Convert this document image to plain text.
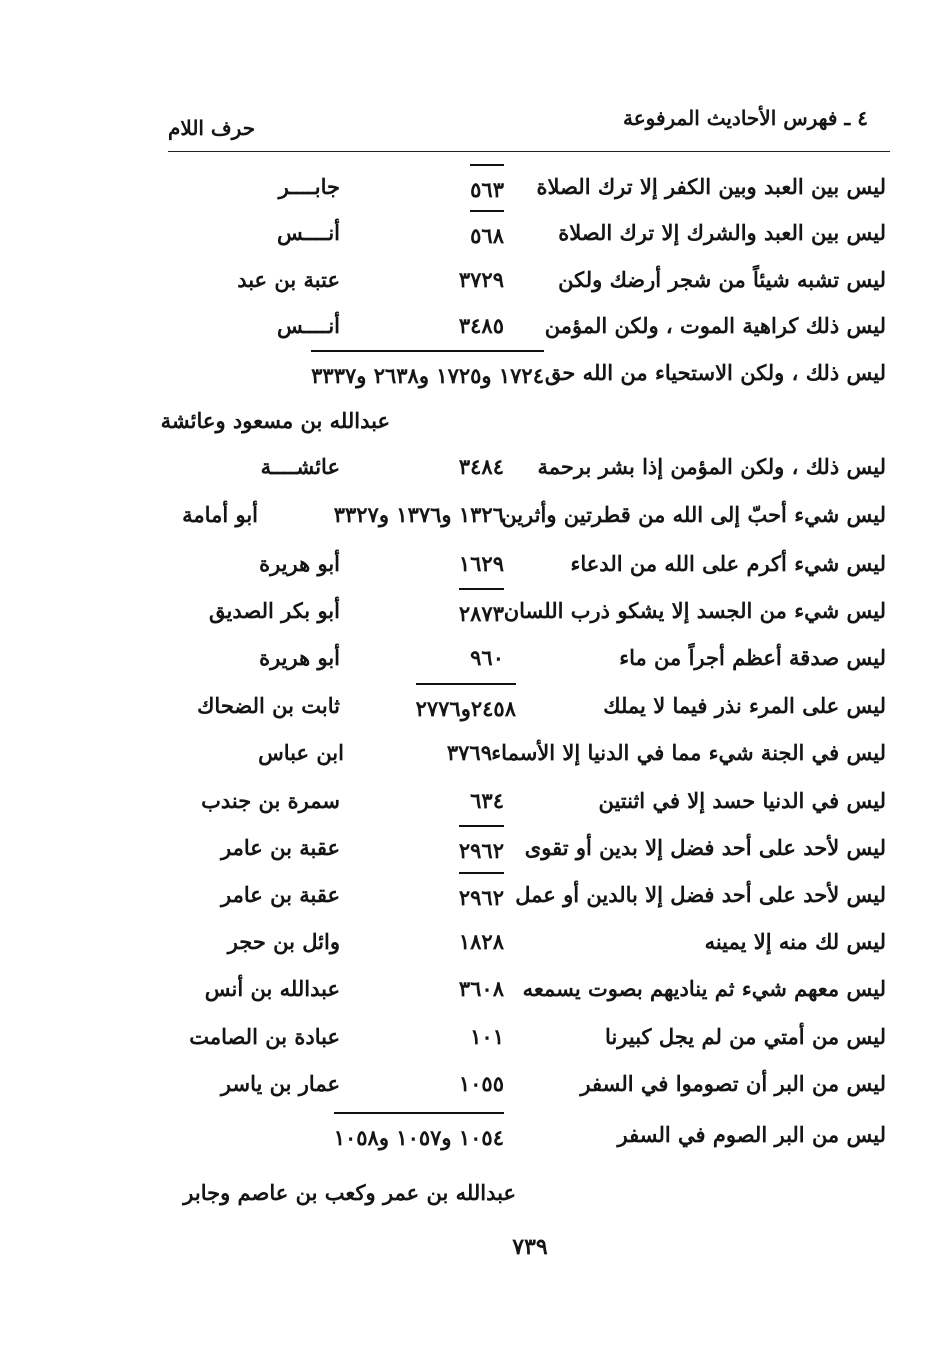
٤ ـ فهرس الأحاديث المرفوعة
حرف اللام
ليس بين العبد وبين الكفر إلا ترك الصلاة
٥٦٣
جابــــر
ليس بين العبد والشرك إلا ترك الصلاة
٥٦٨
أنــــس
ليس تشبه شيئاً من شجر أرضك ولكن
٣٧٢٩
عتبة بن عبد
ليس ذلك كراهية الموت ، ولكن المؤمن
٣٤٨٥
أنــــس
ليس ذلك ، ولكن الاستحياء من الله حق
١٧٢٤ و١٧٢٥ و٢٦٣٨ و٣٣٣٧
عبدالله بن مسعود وعائشة
ليس ذلك ، ولكن المؤمن إذا بشر برحمة
٣٤٨٤
عائشــــة
ليس شيء أحبّ إلى الله من قطرتين وأثرين
١٣٢٦ و١٣٧٦ و٣٣٢٧
أبو أمامة
ليس شيء أكرم على الله من الدعاء
١٦٢٩
أبو هريرة
ليس شيء من الجسد إلا يشكو ذرب اللسان
٢٨٧٣
أبو بكر الصديق
ليس صدقة أعظم أجراً من ماء
٩٦٠
أبو هريرة
ليس على المرء نذر فيما لا يملك
٢٤٥٨و٢٧٧٦
ثابت بن الضحاك
ليس في الجنة شيء مما في الدنيا إلا الأسماء
٣٧٦٩
ابن عباس
ليس في الدنيا حسد إلا في اثنتين
٦٣٤
سمرة بن جندب
ليس لأحد على أحد فضل إلا بدين أو تقوى
٢٩٦٢
عقبة بن عامر
ليس لأحد على أحد فضل إلا بالدين أو عمل
٢٩٦٢
عقبة بن عامر
ليس لك منه إلا يمينه
١٨٢٨
وائل بن حجر
ليس معهم شيء ثم يناديهم بصوت يسمعه
٣٦٠٨
عبدالله بن أنس
ليس من أمتي من لم يجل كبيرنا
١٠١
عبادة بن الصامت
ليس من البر أن تصوموا في السفر
١٠٥٥
عمار بن ياسر
ليس من البر الصوم في السفر
١٠٥٤ و١٠٥٧ و١٠٥٨
عبدالله بن عمر وكعب بن عاصم وجابر
٧٣٩
